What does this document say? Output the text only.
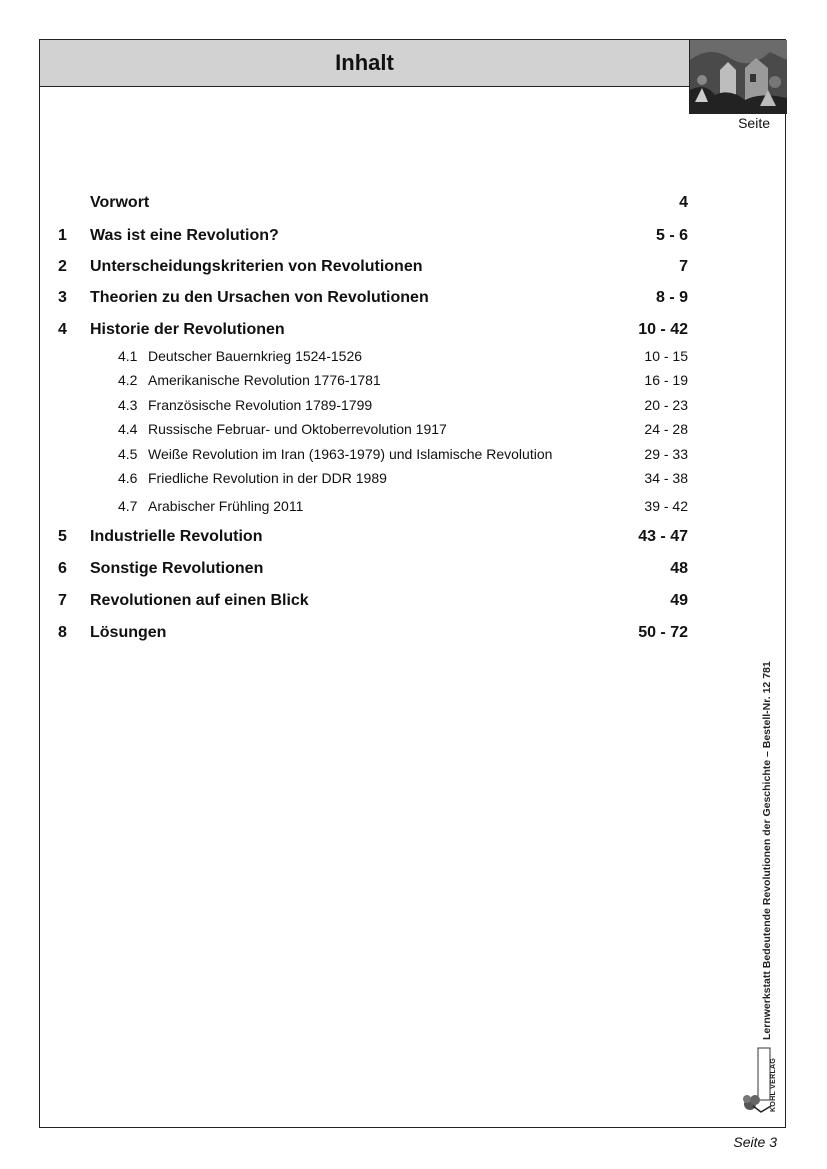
Inhalt
Seite
Vorwort	4
1 Was ist eine Revolution?	5 - 6
2 Unterscheidungskriterien von Revolutionen	7
3 Theorien zu den Ursachen von Revolutionen	8 - 9
4 Historie der Revolutionen	10 - 42
4.1 Deutscher Bauernkrieg 1524-1526	10 - 15
4.2 Amerikanische Revolution 1776-1781	16 - 19
4.3 Französische Revolution 1789-1799	20 - 23
4.4 Russische Februar- und Oktoberrevolution 1917	24 - 28
4.5 Weiße Revolution im Iran (1963-1979) und Islamische Revolution	29 - 33
4.6 Friedliche Revolution in der DDR 1989	34 - 38
4.7 Arabischer Frühling 2011	39 - 42
5 Industrielle Revolution	43 - 47
6 Sonstige Revolutionen	48
7 Revolutionen auf einen Blick	49
8 Lösungen	50 - 72
Lernwerkstatt Bedeutende Revolutionen der Geschichte – Bestell-Nr. 12 781
KOHL VERLAG
Seite 3
